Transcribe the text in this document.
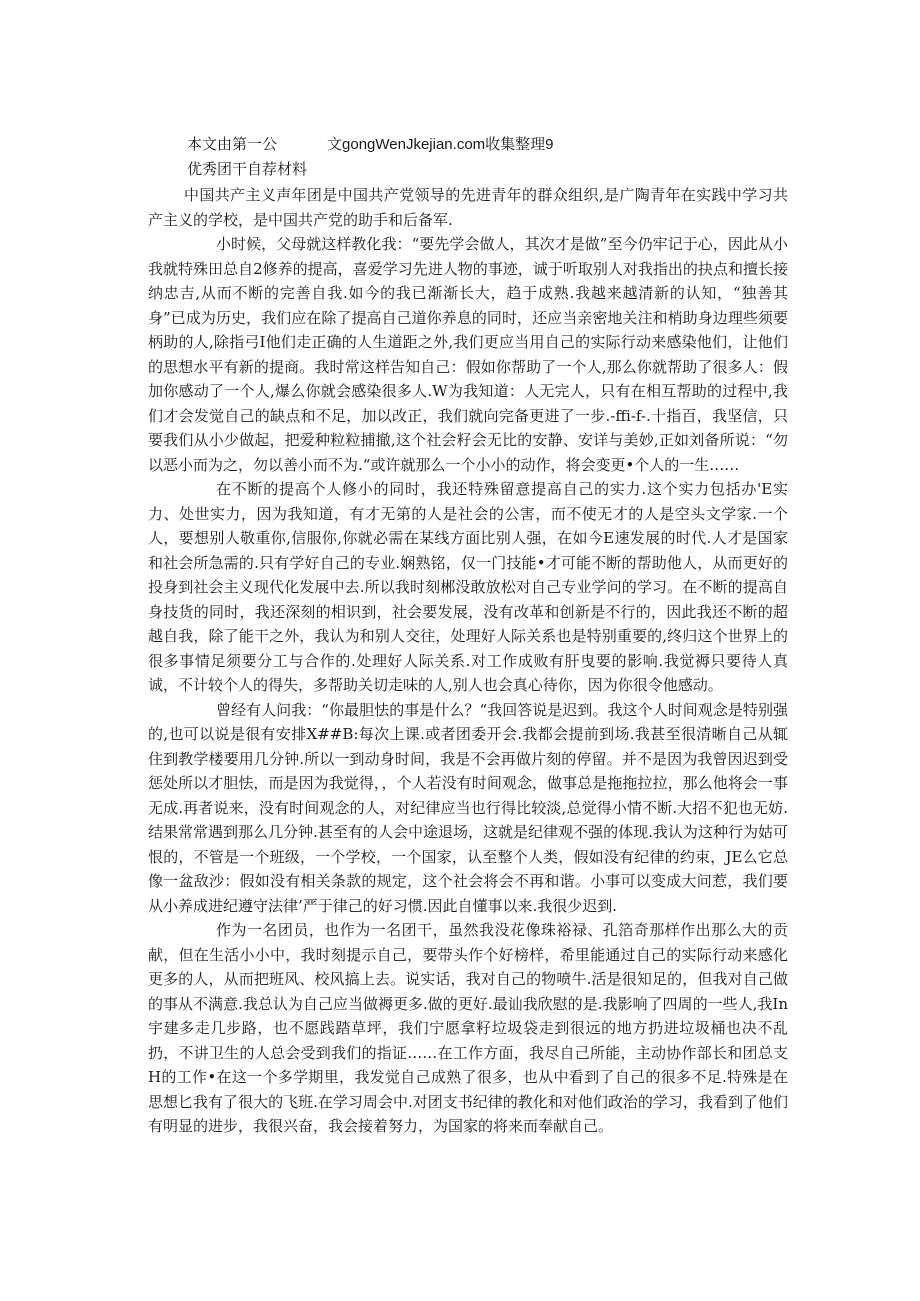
本文由第一公	文gongWenJkejian.com收集整理9
优秀团干自荐材料

中国共产主义声年团是中国共产党领导的先进青年的群众组织,是广陶青年在实践中学习共产主义的学校，是中国共产党的助手和后备军.

小时候，父母就这样教化我：“要先学会做人，其次才是做”至今仍牢记于心，因此从小我就特殊田总自2修养的提高，喜爱学习先进人物的事迹，诚于听取别人对我指出的抉点和擅长接纳忠吉,从而不断的完善自我.如今的我已渐渐长大，趋于成熟.我越来越清新的认知，“独善其身”已成为历史，我们应在除了提高自己道你养息的同时，还应当亲密地关注和梢助身边理些须要柄助的人,除指弓I他们走正确的人生道距之外,我们更应当用自己的实际行动来感染他们，让他们的思想水平有新的提商。我时常这样告知自己：假如你帮助了一个人,那么你就帮助了很多人：假加你感动了一个人,爆么你就会感染很多人.W为我知道：人无完人，只有在相互帮助的过程中,我们才会发觉自己的缺点和不足，加以改正，我们就向完备更进了一步.-ffi-f-.十指百，我坚信，只要我们从小少做起，把爱种粒粒捕撤,这个社会籽会无比的安静、安详与美妙,正如刘备所说：“勿以恶小而为之，勿以善小而不为.“或许就那么一个小小的动作，将会变更•个人的一生……

在不断的提高个人修小的同时，我还特殊留意提高自己的实力.这个实力包括办'E实力、处世实力，因为我知道，有才无第的人是社会的公害，而不使无才的人是空头文学家.一个人，要想别人敬重你,信服你,你就必需在某线方面比别人强，在如今E速发展的时代.人才是国家和社会所急需的.只有学好自己的专业.娴熟铭，仅一门技能•才可能不断的帮助他人，从而更好的投身到社会主义现代化发展中去.所以我时刻郴没敢放松对自己专业学问的学习。在不断的提高自身技货的同时，我还深刻的相识到，社会要发展，没有改革和创新是不行的，因此我还不断的超越自我，除了能干之外，我认为和别人交往，处理好人际关系也是特别重要的,终归这个世界上的很多事情足须要分工与合作的.处理好人际关系.对工作成败有肝曳要的影响.我觉褥只要待人真诚，不计较个人的得失，多帮助关切走味的人,别人也会真心待你，因为你很令他感动。

曾经有人问我：“你最胆怯的事是什么？“我回答说是迟到。我这个人时间观念是特别强的,也可以说是很有安排X##B:每次上课.或者团委开会.我都会提前到场.我甚至很清晰自己从辄住到教学楼要用几分钟.所以一到动身时间，我是不会再做片刻的停留。并不是因为我曾因迟到受惩处所以才胆怯，而是因为我觉得，，个人若没有时间观念，做事总是拖拖拉拉，那么他将会一事无成.再者说来，没有时间观念的人，对纪律应当也行得比较淡,总觉得小情不断.大招不犯也无妨.结果常常遇到那么几分钟.甚至有的人会中途退场，这就是纪律观不强的体现.我认为这种行为姑可恨的，不管是一个班级，一个学校，一个国家，认至整个人类，假如没有纪律的约束，JE么它总像一盆敌沙：假如没有相关条款的规定，这个社会将会不再和谐。小事可以变成大问惹，我们要从小养成进纪遵守法律’严于律己的好习惯.因此自懂事以来.我很少迟到.

作为一名团员，也作为一名团干，虽然我没花像珠裕禄、孔箔奇那样作出那么大的贡献，但在生活小小中，我时刻提示自己，要带头作个好榜样，希里能通过自己的实际行动来感化更多的人，从而把班风、校风搞上去。说实话，我对自己的物喷牛.活是很知足的，但我对自己做的事从不满意.我总认为自己应当做褥更多.做的更好.最讪我欣慰的是.我影响了四周的一些人,我In宇建多走几步路，也不愿践踏草坪，我们宁愿拿籽垃圾袋走到很远的地方扔进垃圾桶也决不乱扔，不讲卫生的人总会受到我们的指证……在工作方面，我尽自己所能，主动协作部长和团总支H的工作•在这一个多学期里，我发觉自己成熟了很多，也从中看到了自己的很多不足.特殊是在思想匕我有了很大的飞班.在学习周会中.对团支书纪律的教化和对他们政治的学习，我看到了他们有明显的进步，我很兴奋，我会接着努力，为国家的将来而奉献自己。
